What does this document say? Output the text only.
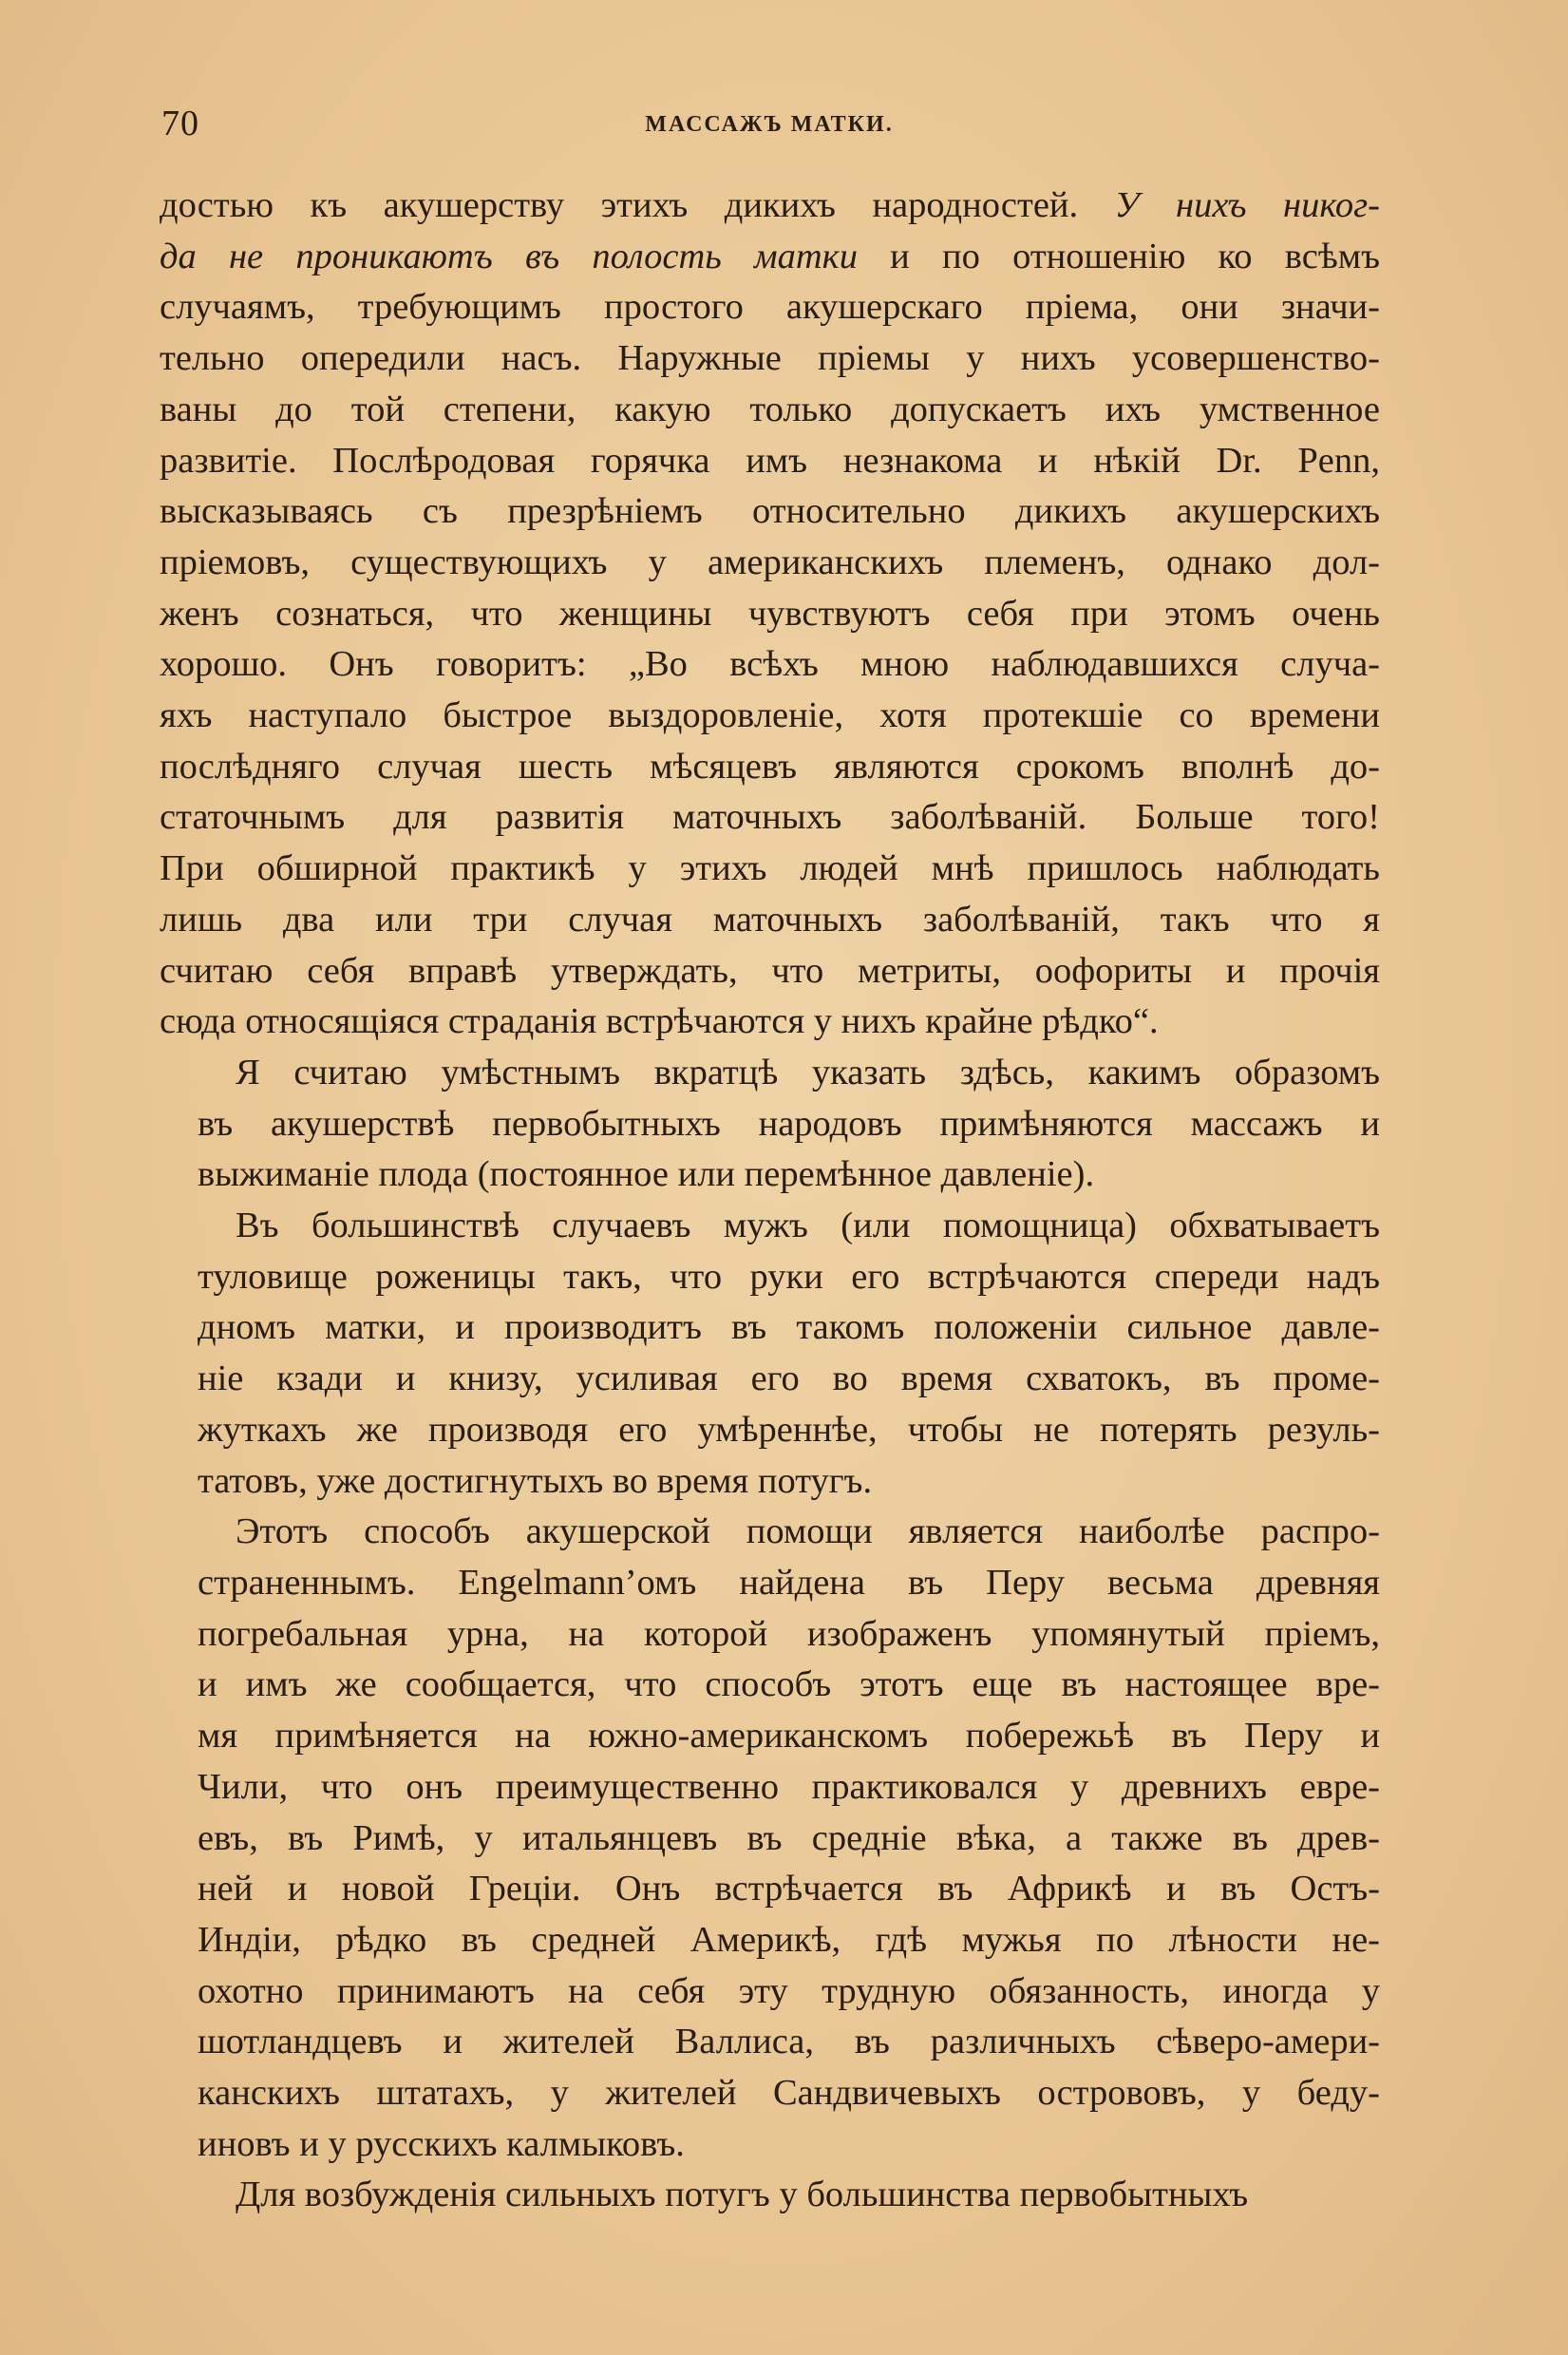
70	МАССАЖЪ МАТКИ.

достью къ акушерству этихъ дикихъ народностей. У нихъ никог-
да не проникаютъ въ полость матки и по отношенію ко всѣмъ
случаямъ, требующимъ простого акушерскаго пріема, они значи-
тельно опередили насъ. Наружные пріемы у нихъ усовершенство-
ваны до той степени, какую только допускаетъ ихъ умственное
развитіе. Послѣродовая горячка имъ незнакома и нѣкій Dr. Penn,
высказываясь съ презрѣніемъ относительно дикихъ акушерскихъ
пріемовъ, существующихъ у американскихъ племенъ, однако дол-
женъ сознаться, что женщины чувствуютъ себя при этомъ очень
хорошо. Онъ говоритъ: „Во всѣхъ мною наблюдавшихся случа-
яхъ наступало быстрое выздоровленіе, хотя протекшіе со времени
послѣдняго случая шесть мѣсяцевъ являются срокомъ вполнѣ до-
статочнымъ для развитія маточныхъ заболѣваній. Больше того!
При обширной практикѣ у этихъ людей мнѣ пришлось наблюдать
лишь два или три случая маточныхъ заболѣваній, такъ что я
считаю себя вправѣ утверждать, что метриты, оофориты и прочія
сюда относящіяся страданія встрѣчаются у нихъ крайне рѣдко“.

Я считаю умѣстнымъ вкратцѣ указать здѣсь, какимъ образомъ
въ акушерствѣ первобытныхъ народовъ примѣняются массажъ и
выжиманіе плода (постоянное или перемѣнное давленіе).

Въ большинствѣ случаевъ мужъ (или помощница) обхватываетъ
туловище роженицы такъ, что руки его встрѣчаются спереди надъ
дномъ матки, и производитъ въ такомъ положеніи сильное давле-
ніе кзади и книзу, усиливая его во время схватокъ, въ проме-
жуткахъ же производя его умѣреннѣе, чтобы не потерять резуль-
татовъ, уже достигнутыхъ во время потугъ.

Этотъ способъ акушерской помощи является наиболѣе распро-
страненнымъ. Engelmann’омъ найдена въ Перу весьма древняя
погребальная урна, на которой изображенъ упомянутый пріемъ,
и имъ же сообщается, что способъ этотъ еще въ настоящее вре-
мя примѣняется на южно-американскомъ побережьѣ въ Перу и
Чили, что онъ преимущественно практиковался у древнихъ евре-
евъ, въ Римѣ, у итальянцевъ въ средніе вѣка, а также въ древ-
ней и новой Греціи. Онъ встрѣчается въ Африкѣ и въ Остъ-
Индіи, рѣдко въ средней Америкѣ, гдѣ мужья по лѣности не-
охотно принимаютъ на себя эту трудную обязанность, иногда у
шотландцевъ и жителей Валлиса, въ различныхъ сѣверо-амери-
канскихъ штатахъ, у жителей Сандвичевыхъ острововъ, у беду-
иновъ и у русскихъ калмыковъ.

Для возбужденія сильныхъ потугъ у большинства первобытныхъ
